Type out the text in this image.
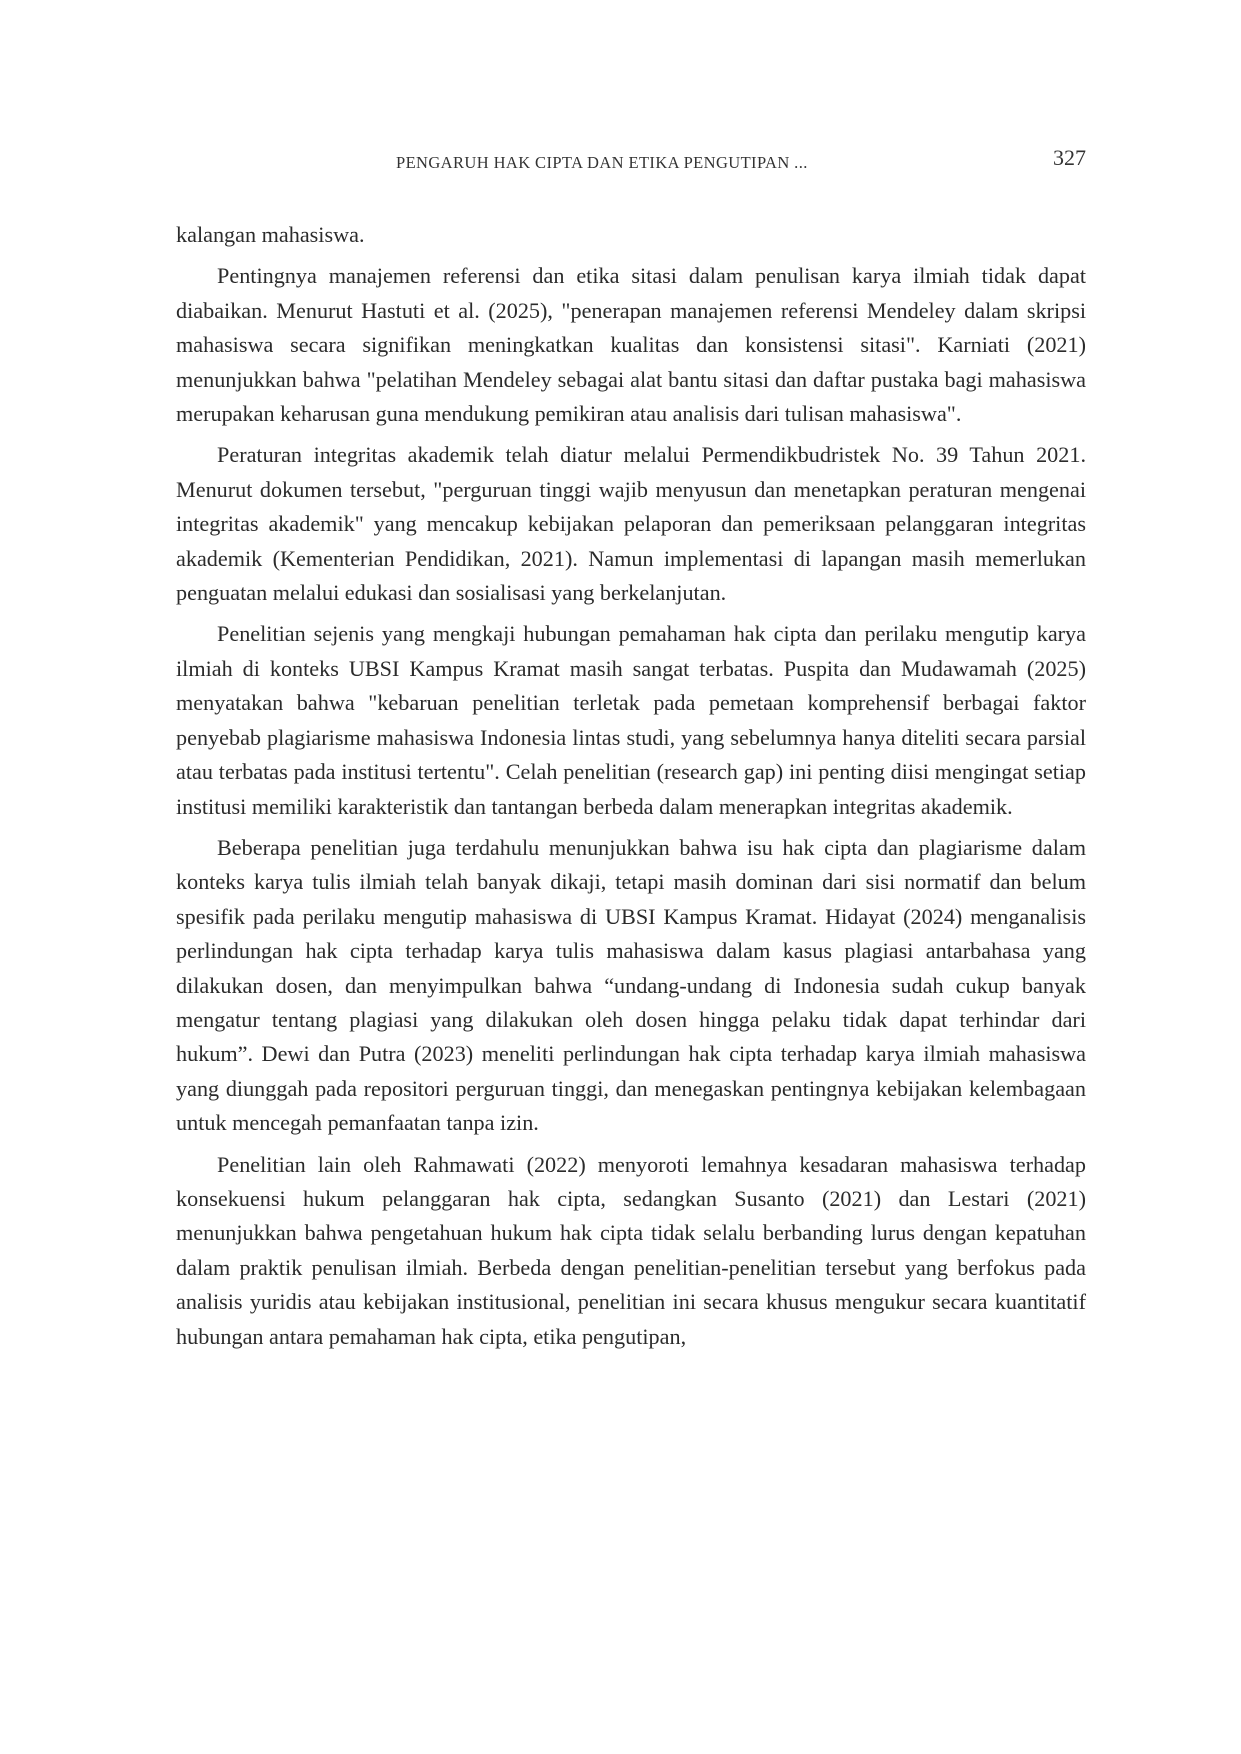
PENGARUH HAK CIPTA DAN ETIKA PENGUTIPAN ...	327

kalangan mahasiswa.

Pentingnya manajemen referensi dan etika sitasi dalam penulisan karya ilmiah tidak dapat diabaikan. Menurut Hastuti et al. (2025), "penerapan manajemen referensi Mendeley dalam skripsi mahasiswa secara signifikan meningkatkan kualitas dan konsistensi sitasi". Karniati (2021) menunjukkan bahwa "pelatihan Mendeley sebagai alat bantu sitasi dan daftar pustaka bagi mahasiswa merupakan keharusan guna mendukung pemikiran atau analisis dari tulisan mahasiswa".

Peraturan integritas akademik telah diatur melalui Permendikbudristek No. 39 Tahun 2021. Menurut dokumen tersebut, "perguruan tinggi wajib menyusun dan menetapkan peraturan mengenai integritas akademik" yang mencakup kebijakan pelaporan dan pemeriksaan pelanggaran integritas akademik (Kementerian Pendidikan, 2021). Namun implementasi di lapangan masih memerlukan penguatan melalui edukasi dan sosialisasi yang berkelanjutan.

Penelitian sejenis yang mengkaji hubungan pemahaman hak cipta dan perilaku mengutip karya ilmiah di konteks UBSI Kampus Kramat masih sangat terbatas. Puspita dan Mudawamah (2025) menyatakan bahwa "kebaruan penelitian terletak pada pemetaan komprehensif berbagai faktor penyebab plagiarisme mahasiswa Indonesia lintas studi, yang sebelumnya hanya diteliti secara parsial atau terbatas pada institusi tertentu". Celah penelitian (research gap) ini penting diisi mengingat setiap institusi memiliki karakteristik dan tantangan berbeda dalam menerapkan integritas akademik.

Beberapa penelitian juga terdahulu menunjukkan bahwa isu hak cipta dan plagiarisme dalam konteks karya tulis ilmiah telah banyak dikaji, tetapi masih dominan dari sisi normatif dan belum spesifik pada perilaku mengutip mahasiswa di UBSI Kampus Kramat. Hidayat (2024) menganalisis perlindungan hak cipta terhadap karya tulis mahasiswa dalam kasus plagiasi antarbahasa yang dilakukan dosen, dan menyimpulkan bahwa “undang-undang di Indonesia sudah cukup banyak mengatur tentang plagiasi yang dilakukan oleh dosen hingga pelaku tidak dapat terhindar dari hukum”. Dewi dan Putra (2023) meneliti perlindungan hak cipta terhadap karya ilmiah mahasiswa yang diunggah pada repositori perguruan tinggi, dan menegaskan pentingnya kebijakan kelembagaan untuk mencegah pemanfaatan tanpa izin.

Penelitian lain oleh Rahmawati (2022) menyoroti lemahnya kesadaran mahasiswa terhadap konsekuensi hukum pelanggaran hak cipta, sedangkan Susanto (2021) dan Lestari (2021) menunjukkan bahwa pengetahuan hukum hak cipta tidak selalu berbanding lurus dengan kepatuhan dalam praktik penulisan ilmiah. Berbeda dengan penelitian-penelitian tersebut yang berfokus pada analisis yuridis atau kebijakan institusional, penelitian ini secara khusus mengukur secara kuantitatif hubungan antara pemahaman hak cipta, etika pengutipan,
